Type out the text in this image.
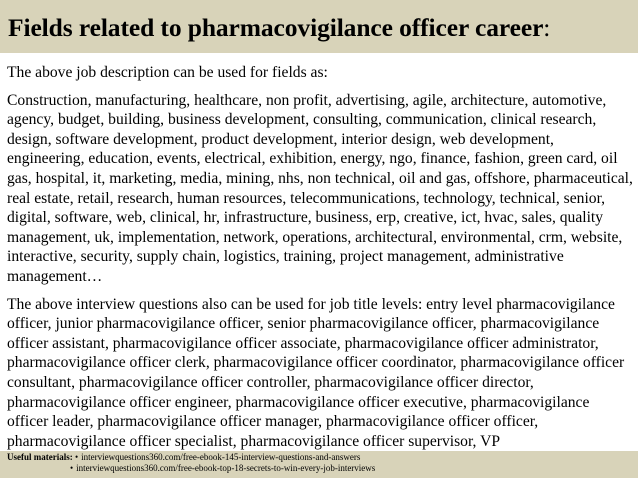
Fields related to pharmacovigilance officer career:

The above job description can be used for fields as:

Construction, manufacturing, healthcare, non profit, advertising, agile, architecture, automotive, agency, budget, building, business development, consulting, communication, clinical research, design, software development, product development, interior design, web development, engineering, education, events, electrical, exhibition, energy, ngo, finance, fashion, green card, oil gas, hospital, it, marketing, media, mining, nhs, non technical, oil and gas, offshore, pharmaceutical, real estate, retail, research, human resources, telecommunications, technology, technical, senior, digital, software, web, clinical, hr, infrastructure, business, erp, creative, ict, hvac, sales, quality management, uk, implementation, network, operations, architectural, environmental, crm, website, interactive, security, supply chain, logistics, training, project management, administrative management…

The above interview questions also can be used for job title levels: entry level pharmacovigilance officer, junior pharmacovigilance officer, senior pharmacovigilance officer, pharmacovigilance officer assistant, pharmacovigilance officer associate, pharmacovigilance officer administrator, pharmacovigilance officer clerk, pharmacovigilance officer coordinator, pharmacovigilance officer consultant, pharmacovigilance officer controller, pharmacovigilance officer director, pharmacovigilance officer engineer, pharmacovigilance officer executive, pharmacovigilance officer leader, pharmacovigilance officer manager, pharmacovigilance officer officer, pharmacovigilance officer specialist, pharmacovigilance officer supervisor, VP

Useful materials: • interviewquestions360.com/free-ebook-145-interview-questions-and-answers
• interviewquestions360.com/free-ebook-top-18-secrets-to-win-every-job-interviews
